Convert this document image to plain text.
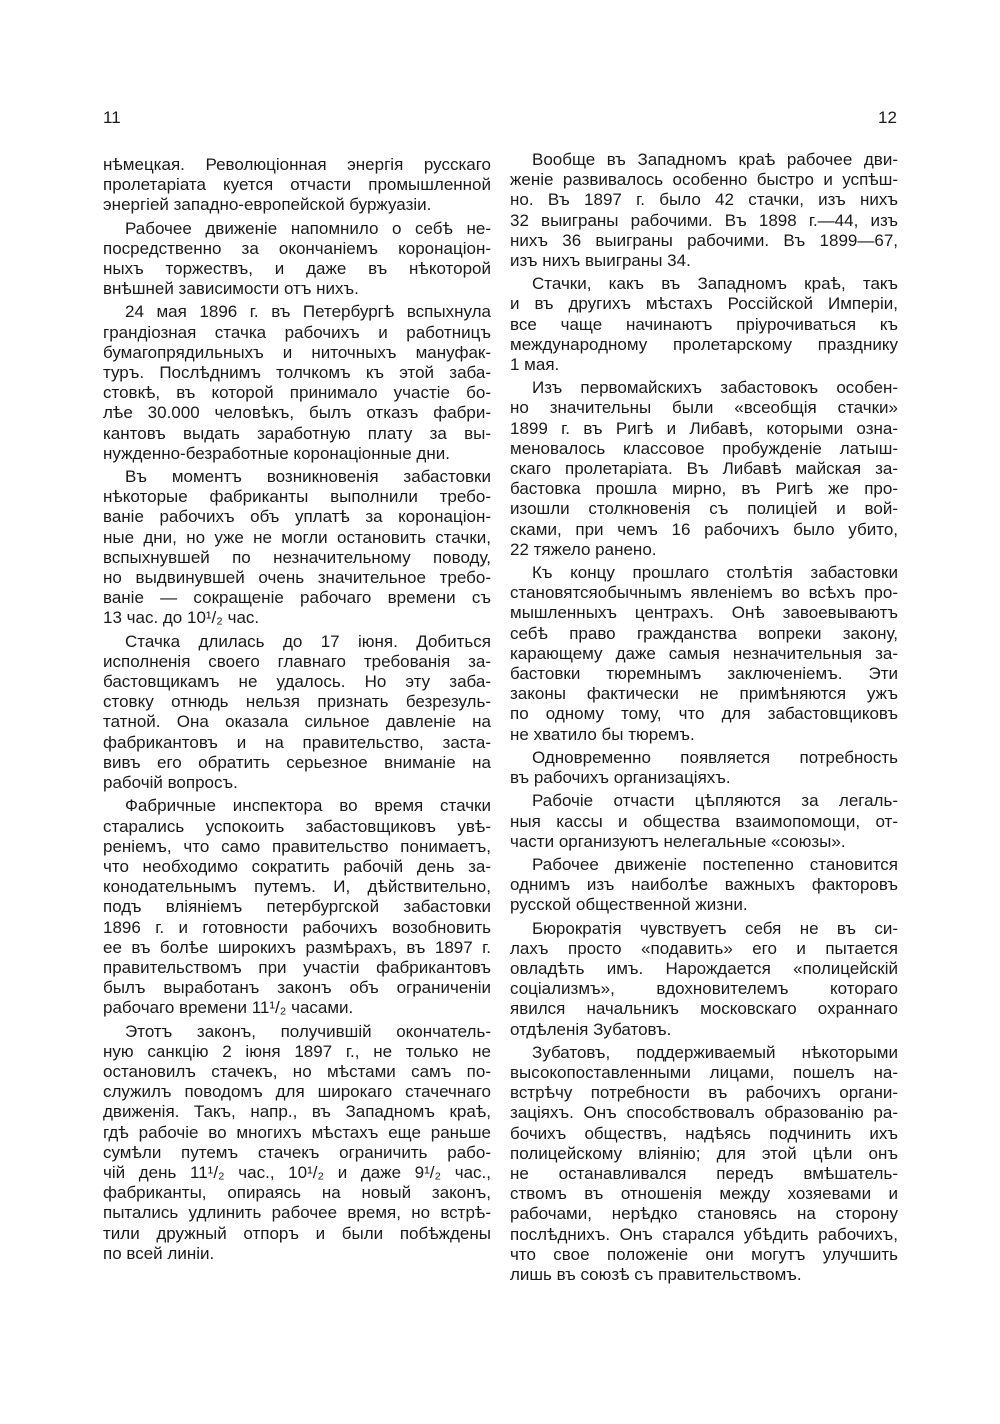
11	12
нѣмецкая. Революціонная энергія русскаго
пролетаріата куется отчасти промышленной
энергіей западно-европейской буржуазіи.
Рабочее движеніе напомнило о себѣ не-
посредственно за окончаніемъ коронаціон-
ныхъ торжествъ, и даже въ нѣкоторой
внѣшней зависимости отъ нихъ.
24 мая 1896 г. въ Петербургѣ вспыхнула
грандіозная стачка рабочихъ и работницъ
бумагопрядильныхъ и ниточныхъ мануфак-
туръ. Послѣднимъ толчкомъ къ этой заба-
стовкѣ, въ которой принимало участіе бо-
лѣе 30.000 человѣкъ, былъ отказъ фабри-
кантовъ выдать заработную плату за вы-
нужденно-безработные коронаціонные дни.
Въ моментъ возникновенія забастовки
нѣкоторые фабриканты выполнили требо-
ваніе рабочихъ объ уплатѣ за коронаціон-
ные дни, но уже не могли остановить стачки,
вспыхнувшей по незначительному поводу,
но выдвинувшей очень значительное требо-
ваніе — сокращеніе рабочаго времени съ
13 час. до 10¹/₂ час.
Стачка длилась до 17 іюня. Добиться
исполненія своего главнаго требованія за-
бастовщикамъ не удалось. Но эту заба-
стовку отнюдь нельзя признать безрезуль-
татной. Она оказала сильное давленіе на
фабрикантовъ и на правительство, заста-
вивъ его обратить серьезное вниманіе на
рабочій вопросъ.
Фабричные инспектора во время стачки
старались успокоить забастовщиковъ увѣ-
реніемъ, что само правительство понимаетъ,
что необходимо сократить рабочій день за-
конодательнымъ путемъ. И, дѣйствительно,
подъ вліяніемъ петербургской забастовки
1896 г. и готовности рабочихъ возобновить
ее въ болѣе широкихъ размѣрахъ, въ 1897 г.
правительствомъ при участіи фабрикантовъ
былъ выработанъ законъ объ ограниченіи
рабочаго времени 11¹/₂ часами.
Этотъ законъ, получившій окончатель-
ную санкцію 2 іюня 1897 г., не только не
остановилъ стачекъ, но мѣстами самъ по-
служилъ поводомъ для широкаго стачечнаго
движенія. Такъ, напр., въ Западномъ краѣ,
гдѣ рабочіе во многихъ мѣстахъ еще раньше
сумѣли путемъ стачекъ ограничить рабо-
чій день 11¹/₂ час., 10¹/₂ и даже 9¹/₂ час.,
фабриканты, опираясь на новый законъ,
пытались удлинить рабочее время, но встрѣ-
тили дружный отпоръ и были побѣждены
по всей линіи.
Вообще въ Западномъ краѣ рабочее дви-
женіе развивалось особенно быстро и успѣш-
но. Въ 1897 г. было 42 стачки, изъ нихъ
32 выиграны рабочими. Въ 1898 г.—44, изъ
нихъ 36 выиграны рабочими. Въ 1899—67,
изъ нихъ выиграны 34.
Стачки, какъ въ Западномъ краѣ, такъ
и въ другихъ мѣстахъ Россійской Имперіи,
все чаще начинаютъ пріурочиваться къ
международному пролетарскому празднику
1 мая.
Изъ первомайскихъ забастовокъ особен-
но значительны были «всеобщія стачки»
1899 г. въ Ригѣ и Либавѣ, которыми озна-
меновалось классовое пробужденіе латыш-
скаго пролетаріата. Въ Либавѣ майская за-
бастовка прошла мирно, въ Ригѣ же про-
изошли столкновенія съ полиціей и вой-
сками, при чемъ 16 рабочихъ было убито,
22 тяжело ранено.
Къ концу прошлаго столѣтія забастовки
становятсяобычнымъ явленіемъ во всѣхъ про-
мышленныхъ центрахъ. Онѣ завоевываютъ
себѣ право гражданства вопреки закону,
карающему даже самыя незначительныя за-
бастовки тюремнымъ заключеніемъ. Эти
законы фактически не примѣняются ужъ
по одному тому, что для забастовщиковъ
не хватило бы тюремъ.
Одновременно появляется потребность
въ рабочихъ организаціяхъ.
Рабочіе отчасти цѣпляются за легаль-
ныя кассы и общества взаимопомощи, от-
части организуютъ нелегальные «союзы».
Рабочее движеніе постепенно становится
однимъ изъ наиболѣе важныхъ факторовъ
русской общественной жизни.
Бюрократія чувствуетъ себя не въ си-
лахъ просто «подавить» его и пытается
овладѣть имъ. Нарождается «полицейскій
соціализмъ», вдохновителемъ котораго
явился начальникъ московскаго охраннаго
отдѣленія Зубатовъ.
Зубатовъ, поддерживаемый нѣкоторыми
высокопоставленными лицами, пошелъ на-
встрѣчу потребности въ рабочихъ органи-
заціяхъ. Онъ способствовалъ образованію ра-
бочихъ обществъ, надѣясь подчинить ихъ
полицейскому вліянію; для этой цѣли онъ
не останавливался передъ вмѣшатель-
ствомъ въ отношенія между хозяевами и
рабочами, нерѣдко становясь на сторону
послѣднихъ. Онъ старался убѣдить рабочихъ,
что свое положеніе они могутъ улучшить
лишь въ союзѣ съ правительствомъ.
